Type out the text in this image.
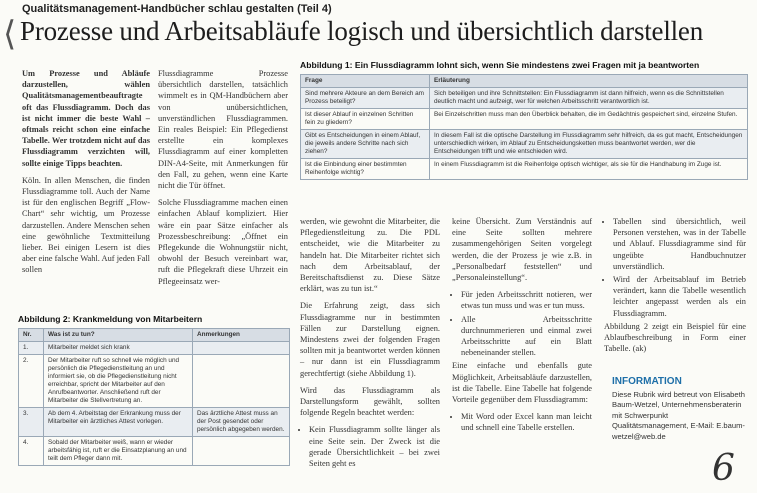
Qualitätsmanagement-Handbücher schlau gestalten (Teil 4)
⟨ Prozesse und Arbeitsabläufe logisch und übersichtlich darstellen

Um Prozesse und Abläufe darzustellen, wählen Qualitätsmanagementbeauftragte oft das Flussdiagramm. Doch das ist nicht immer die beste Wahl – oftmals reicht schon eine einfache Tabelle. Wer trotzdem nicht auf das Flussdiagramm verzichten will, sollte einige Tipps beachten.

Köln. In allen Menschen, die finden Flussdiagramme toll. Auch der Name ist für den englischen Begriff „Flow-Chart“ sehr wichtig, um Prozesse darzustellen. Andere Menschen sehen eine gewöhnliche Textmitteilung lieber. Bei einigen Lesern ist dies aber eine falsche Wahl. Auf jeden Fall sollen

Flussdiagramme Prozesse übersichtlich darstellen, tatsächlich wimmelt es in QM-Handbüchern aber von unübersichtlichen, unverständlichen Flussdiagrammen. Ein reales Beispiel: Ein Pflegedienst erstellte ein komplexes Flussdiagramm auf einer kompletten DIN-A4-Seite, mit Anmerkungen für den Fall, zu gehen, wenn eine Karte nicht die Tür öffnet.

Solche Flussdiagramme machen einen einfachen Ablauf kompliziert. Hier wäre ein paar Sätze einfacher als Prozessbeschreibung: „Öffnet ein Pflegekunde die Wohnungstür nicht, obwohl der Besuch vereinbart war, ruft die Pflegekraft diese Uhrzeit ein Pflegeeinsatz wer-

Abbildung 1: Ein Flussdiagramm lohnt sich, wenn Sie mindestens zwei Fragen mit ja beantworten
Frage	Erläuterung
Sind mehrere Akteure an dem Bereich am Prozess beteiligt?	Sich beteiligen und ihre Schnittstellen: Ein Flussdiagramm ist dann hilfreich, wenn es die Schnittstellen deutlich macht und aufzeigt, wer für welchen Arbeitsschritt verantwortlich ist.
Ist dieser Ablauf in einzelnen Schritten fein zu gliedern?	Bei Einzelschritten muss man den Überblick behalten, die im Gedächtnis gespeichert sind, einzelne Stufen.
Gibt es Entscheidungen in einem Ablauf, die jeweils andere Schritte nach sich ziehen?	In diesem Fall ist die optische Darstellung im Flussdiagramm sehr hilfreich, da es gut macht, Entscheidungen unterschiedlich wirken, im Ablauf zu Entscheidungsketten muss beantwortet werden, wer die Entscheidungen trifft und wie entschieden wird.
Ist die Einbindung einer bestimmten Reihenfolge wichtig?	In einem Flussdiagramm ist die Reihenfolge optisch wichtiger, als sie für die Handhabung im Zuge ist.
Abbildung 2: Krankmeldung von Mitarbeitern
Nr.	Was ist zu tun?	Anmerkungen
1.	Mitarbeiter meldet sich krank	
2.	Der Mitarbeiter ruft so schnell wie möglich und persönlich die Pflegedienstleitung an und informiert sie, ob die Pflegedienstleitung nicht erreichbar, spricht der Mitarbeiter auf den Anrufbeantworter. Anschließend ruft der Mitarbeiter die Stellvertretung an.	
3.	Ab dem 4. Arbeitstag der Erkrankung muss der Mitarbeiter ein ärztliches Attest vorlegen.	Das ärztliche Attest muss an der Post gesendet oder persönlich abgegeben werden.
4.	Sobald der Mitarbeiter weiß, wann er wieder arbeitsfähig ist, ruft er die Einsatzplanung an und teilt dem Pfleger dann mit.	

werden, wie gewohnt die Mitarbeiter, die Pflegedienstleitung zu. Die PDL entscheidet, wie die Mitarbeiter zu handeln hat. Die Mitarbeiter richtet sich nach dem Arbeitsablauf, der Bereitschaftsdienst zu. Diese Sätze erklärt, was zu tun ist.“

Die Erfahrung zeigt, dass sich Flussdiagramme nur in bestimmten Fällen zur Darstellung eignen. Mindestens zwei der folgenden Fragen sollten mit ja beantwortet werden können – nur dann ist ein Flussdiagramm gerechtfertigt (siehe Abbildung 1).

Wird das Flussdiagramm als Darstellungsform gewählt, sollten folgende Regeln beachtet werden:

• Kein Flussdiagramm sollte länger als eine Seite sein. Der Zweck ist die gerade Übersichtlichkeit – bei zwei Seiten geht es

keine Übersicht. Zum Verständnis auf eine Seite sollten mehrere zusammengehörigen Seiten vorgelegt werden, die der Prozess je wie z.B. in „Personalbedarf feststellen“ und „Personaleinstellung“.

• Für jeden Arbeitsschritt notieren, wer etwas tun muss und was er tun muss.
• Alle Arbeitsschritte durchnummerieren und einmal zwei Arbeitsschritte auf ein Blatt nebeneinander stellen.

Eine einfache und ebenfalls gute Möglichkeit, Arbeitsabläufe darzustellen, ist die Tabelle. Eine Tabelle hat folgende Vorteile gegenüber dem Flussdiagramm:

• Mit Word oder Excel kann man leicht und schnell eine Tabelle erstellen.
• Tabellen sind übersichtlich, weil Personen verstehen, was in der Tabelle und Ablauf. Flussdiagramme sind für ungeübte Handbuchnutzer unverständlich.
• Wird der Arbeitsablauf im Betrieb verändert, kann die Tabelle wesentlich leichter angepasst werden als ein Flussdiagramm.

Abbildung 2 zeigt ein Beispiel für eine Ablaufbeschreibung in Form einer Tabelle. (ak)

INFORMATION
Diese Rubrik wird betreut von Elisabeth Baum-Wetzel, Unternehmensberaterin mit Schwerpunkt Qualitätsmanagement, E-Mail: E.baum-wetzel@web.de
6
